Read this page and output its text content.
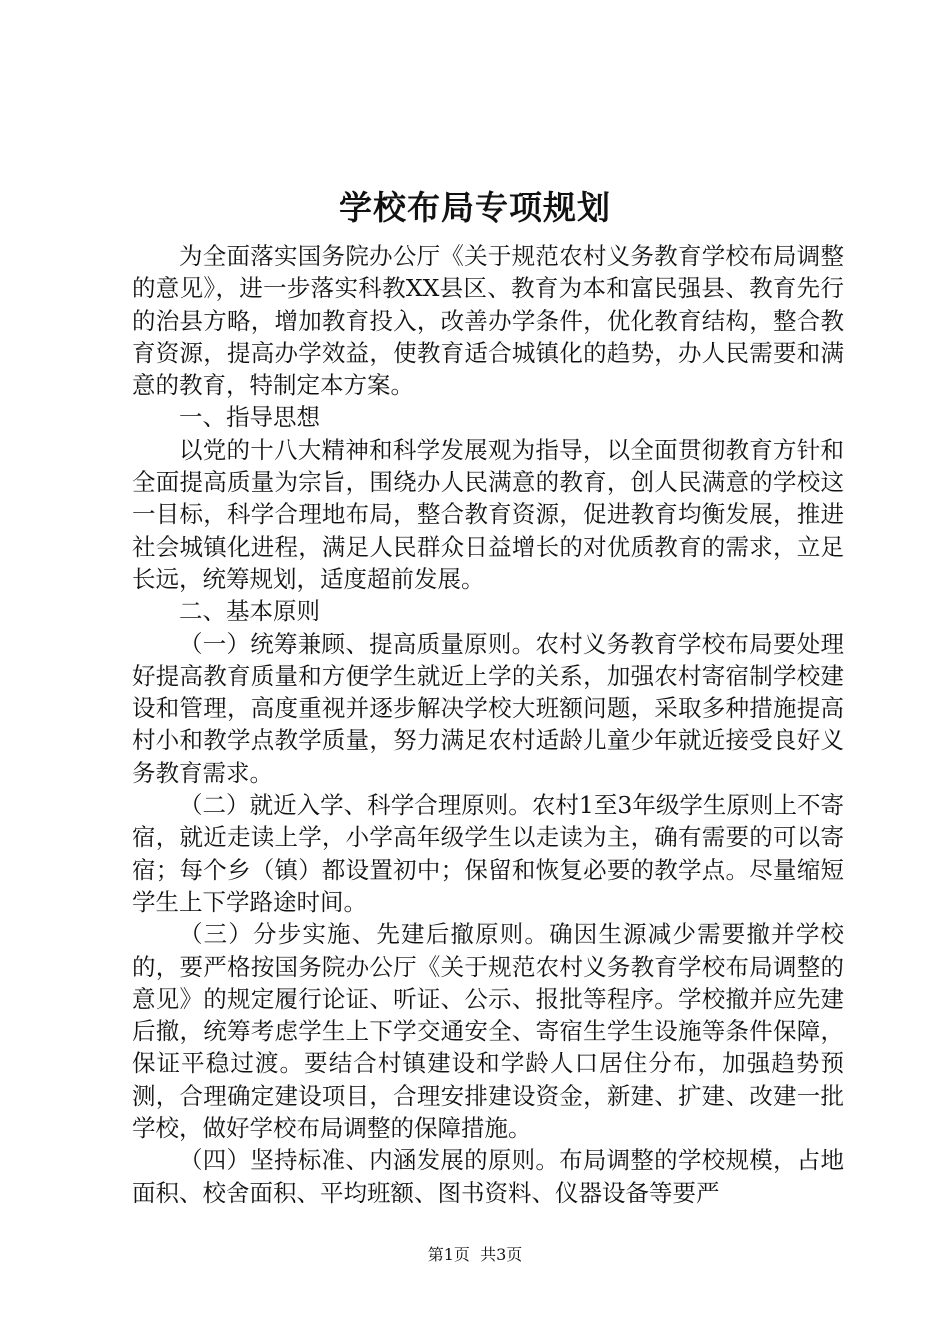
学校布局专项规划

为全面落实国务院办公厅《关于规范农村义务教育学校布局调整的意见》，进一步落实科教XX县区、教育为本和富民强县、教育先行的治县方略，增加教育投入，改善办学条件，优化教育结构，整合教育资源，提高办学效益，使教育适合城镇化的趋势，办人民需要和满意的教育，特制定本方案。

一、指导思想

以党的十八大精神和科学发展观为指导，以全面贯彻教育方针和全面提高质量为宗旨，围绕办人民满意的教育，创人民满意的学校这一目标，科学合理地布局，整合教育资源，促进教育均衡发展，推进社会城镇化进程，满足人民群众日益增长的对优质教育的需求，立足长远，统筹规划，适度超前发展。

二、基本原则

（一）统筹兼顾、提高质量原则。农村义务教育学校布局要处理好提高教育质量和方便学生就近上学的关系，加强农村寄宿制学校建设和管理，高度重视并逐步解决学校大班额问题，采取多种措施提高村小和教学点教学质量，努力满足农村适龄儿童少年就近接受良好义务教育需求。

（二）就近入学、科学合理原则。农村1至3年级学生原则上不寄宿，就近走读上学，小学高年级学生以走读为主，确有需要的可以寄宿；每个乡（镇）都设置初中；保留和恢复必要的教学点。尽量缩短学生上下学路途时间。

（三）分步实施、先建后撤原则。确因生源减少需要撤并学校的，要严格按国务院办公厅《关于规范农村义务教育学校布局调整的意见》的规定履行论证、听证、公示、报批等程序。学校撤并应先建后撤，统筹考虑学生上下学交通安全、寄宿生学生设施等条件保障，保证平稳过渡。要结合村镇建设和学龄人口居住分布，加强趋势预测，合理确定建设项目，合理安排建设资金，新建、扩建、改建一批学校，做好学校布局调整的保障措施。

（四）坚持标准、内涵发展的原则。布局调整的学校规模，占地面积、校舍面积、平均班额、图书资料、仪器设备等要严

第1页  共3页
